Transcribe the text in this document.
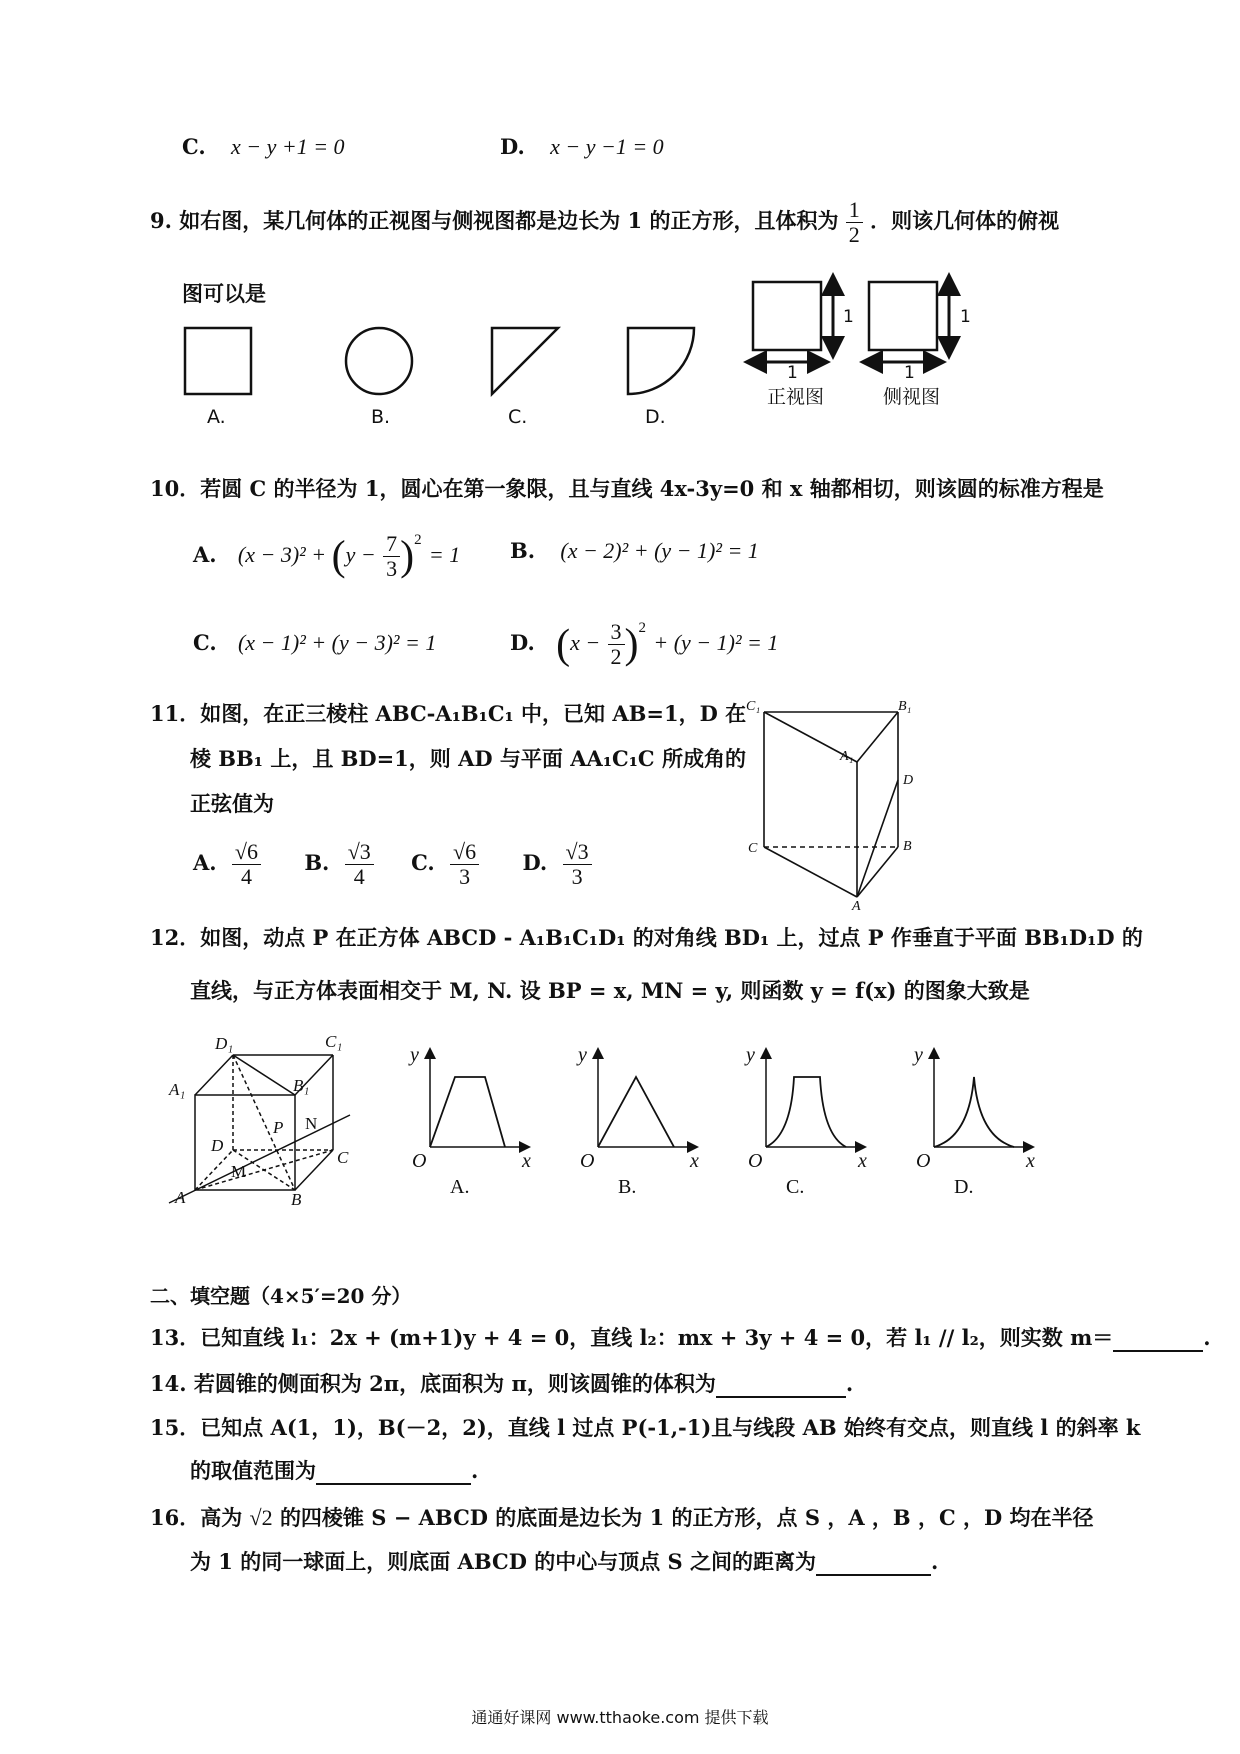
C. x − y +1 = 0	D. x − y −1 = 0
9. 如右图，某几何体的正视图与侧视图都是边长为 1 的正方形，且体积为 $\frac{1}{2}$ ．则该几何体的俯视
图可以是
A.	B.	C.	D.
1
1
1
1
正视图	侧视图
10．若圆 C 的半径为 1，圆心在第一象限，且与直线 4x-3y=0 和 x 轴都相切，则该圆的标准方程是
A. $(x - 3)^2 + (y - \frac{7}{3} )^2 = 1$ B. (x − 2)² + (y − 1)² = 1
C. (x − 1)² + (y − 3)² = 1	D. $(x - \frac{3}{2} )^2 + (y - 1)^2 = 1$
11．如图，在正三棱柱 ABC-A₁B₁C₁ 中，已知 AB=1，D 在
棱 BB₁ 上，且 BD=1，则 AD 与平面 AA₁C₁C 所成角的
正弦值为
A. $\frac{√6}{4} B$. $\frac{√3}{4} C$. $\frac{√6}{3} D$. $\frac{√3}{3}$
C₁	B₁
A₁
D
C	B
A
12．如图，动点 P 在正方体 ABCD - A₁B₁C₁D₁ 的对角线 BD₁ 上，过点 P 作垂直于平面 BB₁D₁D 的
直线，与正方体表面相交于 M, N. 设 BP = x, MN = y, 则函数 y = f(x) 的图象大致是
D₁	C₁
A₁	B₁
P N
D
C
M
A	B
y
O	x
y
O	x
y
O	x
y
O	x
A.	B.	C.	D.
二、填空题（4×5′=20 分）
13．已知直线 l₁：2x + (m+1)y + 4 = 0，直线 l₂：mx + 3y + 4 = 0，若 l₁ // l₂，则实数 m＝	.
14. 若圆锥的侧面积为 2π，底面积为 π，则该圆锥的体积为	.
15．已知点 A(1，1)，B(－2，2)，直线 l 过点 P(-1,-1)且与线段 AB 始终有交点，则直线 l 的斜率 k
的取值范围为	.
16．高为 √2 的四棱锥 S − ABCD 的底面是边长为 1 的正方形，点 S ，A ，B ，C ，D 均在半径
为 1 的同一球面上，则底面 ABCD 的中心与顶点 S 之间的距离为	.
通通好课网 www.tthaoke.com 提供下载
